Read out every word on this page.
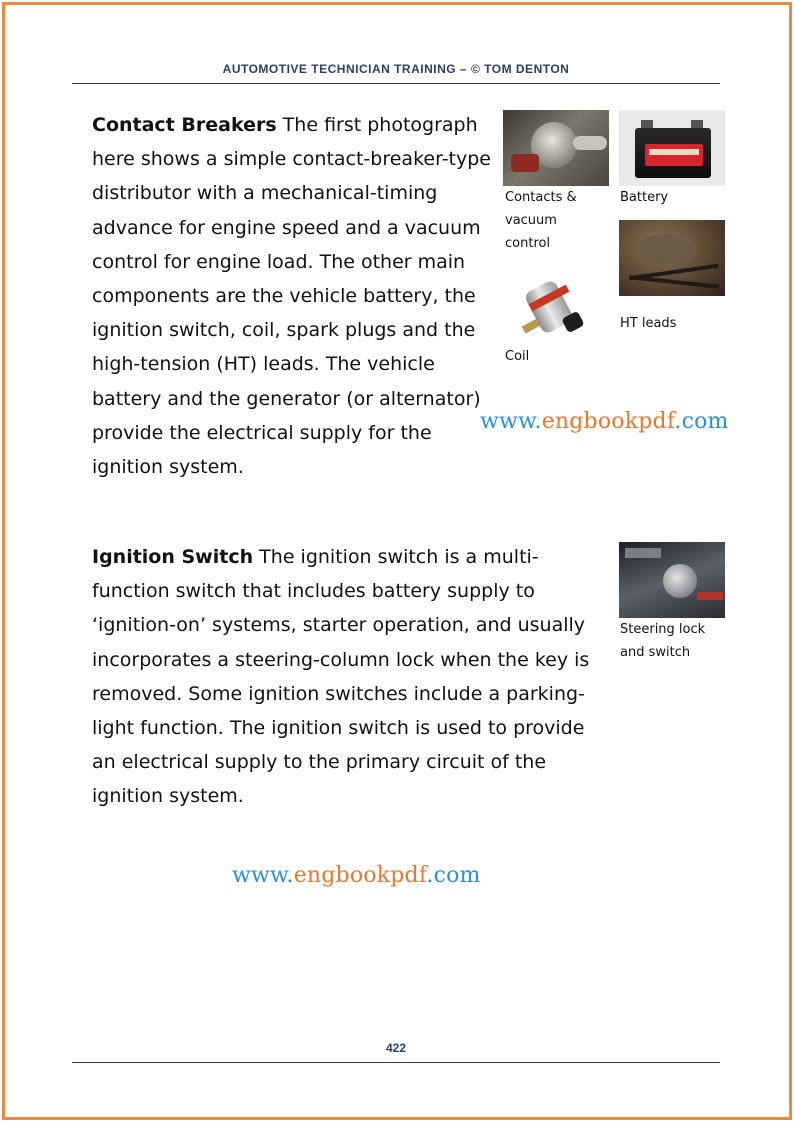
AUTOMOTIVE TECHNICIAN TRAINING – © TOM DENTON
Contact Breakers The first photograph here shows a simple contact-breaker-type distributor with a mechanical-timing advance for engine speed and a vacuum control for engine load. The other main components are the vehicle battery, the ignition switch, coil, spark plugs and the high-tension (HT) leads. The vehicle battery and the generator (or alternator) provide the electrical supply for the ignition system.
Contacts &
vacuum
control
Battery
HT leads
Coil
www.engbookpdf.com
Ignition Switch The ignition switch is a multi-function switch that includes battery supply to ‘ignition-on’ systems, starter operation, and usually incorporates a steering-column lock when the key is removed. Some ignition switches include a parking-light function. The ignition switch is used to provide an electrical supply to the primary circuit of the ignition system.
Steering lock
and switch
www.engbookpdf.com
422
